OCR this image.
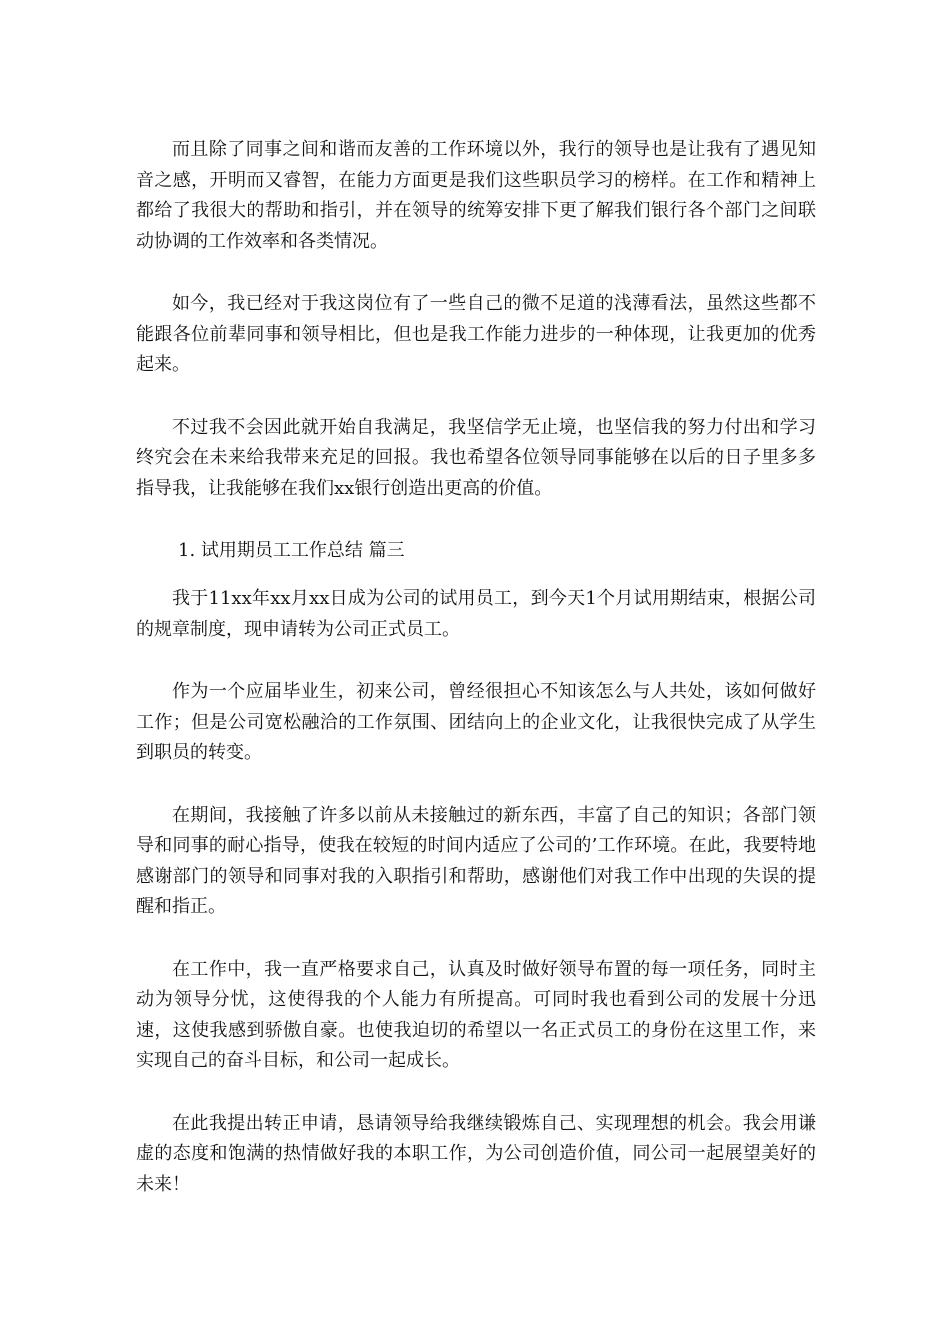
而且除了同事之间和谐而友善的工作环境以外，我行的领导也是让我有了遇见知音之感，开明而又睿智，在能力方面更是我们这些职员学习的榜样。在工作和精神上都给了我很大的帮助和指引，并在领导的统筹安排下更了解我们银行各个部门之间联动协调的工作效率和各类情况。

如今，我已经对于我这岗位有了一些自己的微不足道的浅薄看法，虽然这些都不能跟各位前辈同事和领导相比，但也是我工作能力进步的一种体现，让我更加的优秀起来。

不过我不会因此就开始自我满足，我坚信学无止境，也坚信我的努力付出和学习终究会在未来给我带来充足的回报。我也希望各位领导同事能够在以后的日子里多多指导我，让我能够在我们xx银行创造出更高的价值。

1. 试用期员工工作总结 篇三

我于11xx年xx月xx日成为公司的试用员工，到今天1个月试用期结束，根据公司的规章制度，现申请转为公司正式员工。

作为一个应届毕业生，初来公司，曾经很担心不知该怎么与人共处，该如何做好工作；但是公司宽松融洽的工作氛围、团结向上的企业文化，让我很快完成了从学生到职员的转变。

在期间，我接触了许多以前从未接触过的新东西，丰富了自己的知识；各部门领导和同事的耐心指导，使我在较短的时间内适应了公司的’工作环境。在此，我要特地感谢部门的领导和同事对我的入职指引和帮助，感谢他们对我工作中出现的失误的提醒和指正。

在工作中，我一直严格要求自己，认真及时做好领导布置的每一项任务，同时主动为领导分忧，这使得我的个人能力有所提高。可同时我也看到公司的发展十分迅速，这使我感到骄傲自豪。也使我迫切的希望以一名正式员工的身份在这里工作，来实现自己的奋斗目标，和公司一起成长。

在此我提出转正申请，恳请领导给我继续锻炼自己、实现理想的机会。我会用谦虚的态度和饱满的热情做好我的本职工作，为公司创造价值，同公司一起展望美好的未来！
